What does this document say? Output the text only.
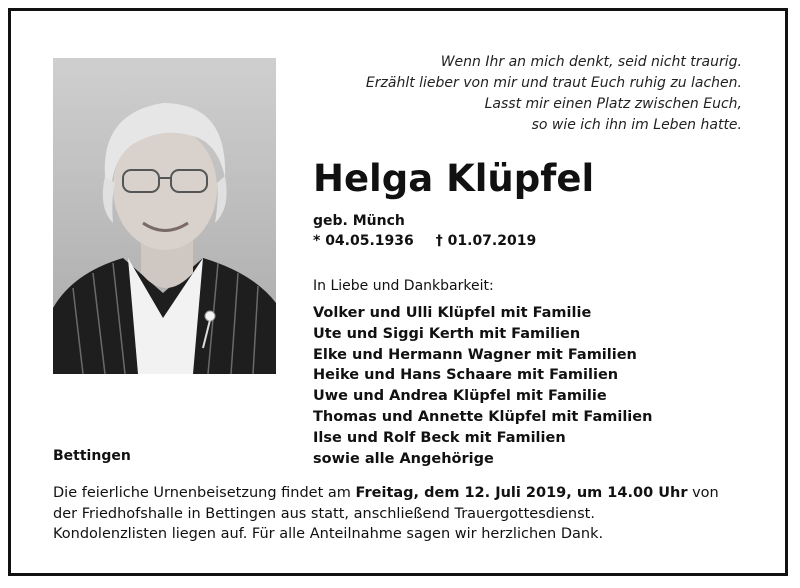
Wenn Ihr an mich denkt, seid nicht traurig.
Erzählt lieber von mir und traut Euch ruhig zu lachen.
Lasst mir einen Platz zwischen Euch,
so wie ich ihn im Leben hatte.
Helga Klüpfel
geb. Münch
* 04.05.1936 † 01.07.2019
In Liebe und Dankbarkeit:
Volker und Ulli Klüpfel mit Familie
Ute und Siggi Kerth mit Familien
Elke und Hermann Wagner mit Familien
Heike und Hans Schaare mit Familien
Uwe und Andrea Klüpfel mit Familie
Thomas und Annette Klüpfel mit Familien
Ilse und Rolf Beck mit Familien
sowie alle Angehörige
Bettingen
Die feierliche Urnenbeisetzung findet am Freitag, dem 12. Juli 2019, um 14.00 Uhr von
der Friedhofshalle in Bettingen aus statt, anschließend Trauergottesdienst.
Kondolenzlisten liegen auf. Für alle Anteilnahme sagen wir herzlichen Dank.
